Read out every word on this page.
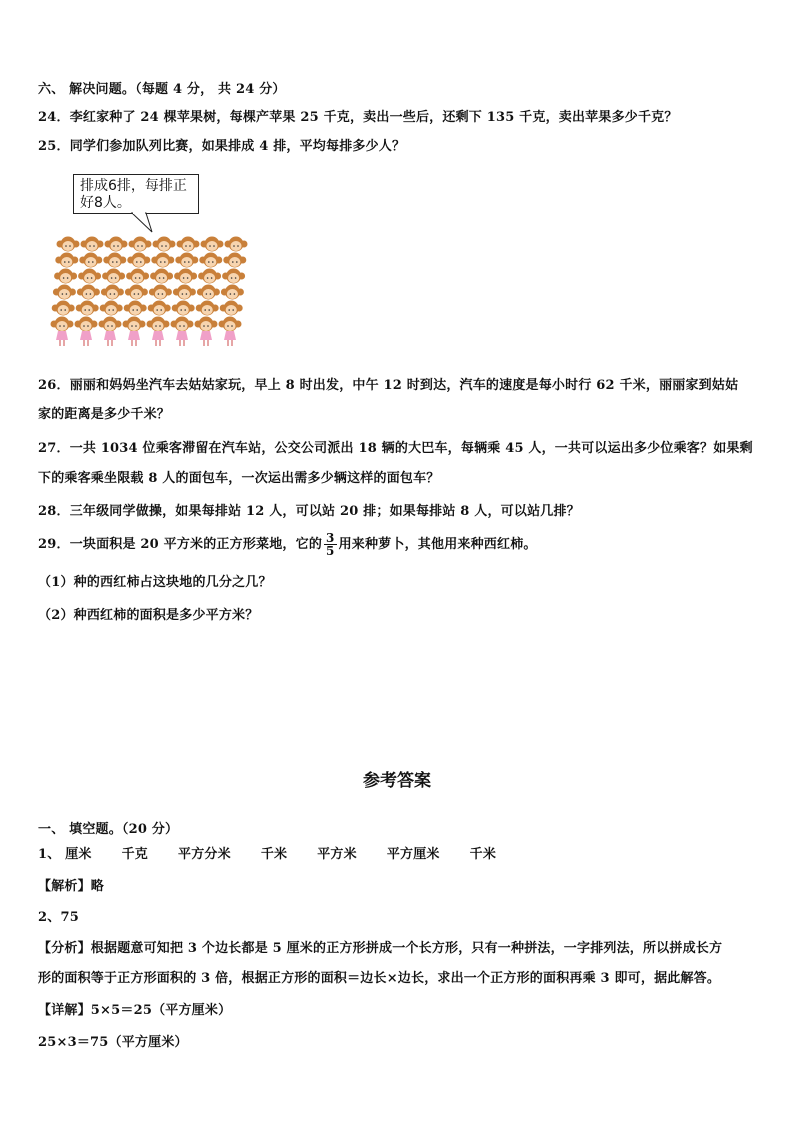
六、 解决问题。（每题 4 分， 共 24 分）
24．李红家种了 24 棵苹果树，每棵产苹果 25 千克，卖出一些后，还剩下 135 千克，卖出苹果多少千克？
25．同学们参加队列比赛，如果排成 4 排，平均每排多少人？
排成6排，每排正
好8人。
26．丽丽和妈妈坐汽车去姑姑家玩，早上 8 时出发，中午 12 时到达，汽车的速度是每小时行 62 千米，丽丽家到姑姑
家的距离是多少千米？
27．一共 1034 位乘客滞留在汽车站，公交公司派出 18 辆的大巴车，每辆乘 45 人，一共可以运出多少位乘客？如果剩
下的乘客乘坐限载 8 人的面包车，一次运出需多少辆这样的面包车？
28．三年级同学做操，如果每排站 12 人，可以站 20 排；如果每排站 8 人，可以站几排？
29．一块面积是 20 平方米的正方形菜地，它的 $\frac{3}{5}$ 用来种萝卜，其他用来种西红柿。
（1）种的西红柿占这块地的几分之几？
（2）种西红柿的面积是多少平方米？
参考答案
一、 填空题。（20 分）
1、 厘米 千克 平方分米 千米 平方米 平方厘米 千米
【解析】略
2、75
【分析】根据题意可知把 3 个边长都是 5 厘米的正方形拼成一个长方形，只有一种拼法，一字排列法，所以拼成长方
形的面积等于正方形面积的 3 倍，根据正方形的面积＝边长×边长，求出一个正方形的面积再乘 3 即可，据此解答。
【详解】5×5＝25（平方厘米）
25×3＝75（平方厘米）
